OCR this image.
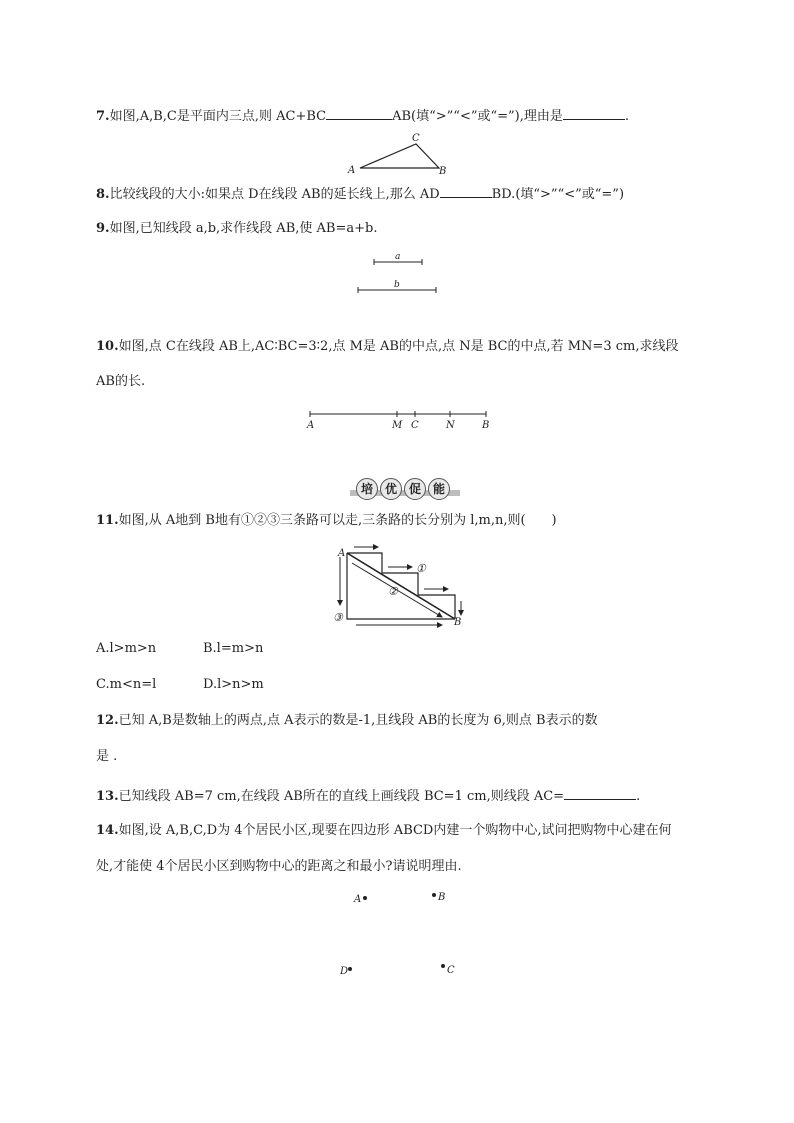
7.如图,A,B,C是平面内三点,则 AC+BC	AB(填“>”“<”或“=”),理由是	.
A
C
B
8.比较线段的大小:如果点 D在线段 AB的延长线上,那么 AD	BD.(填“>”“<”或“=”)
9.如图,已知线段 a,b,求作线段 AB,使 AB=a+b.
a
b
10.如图,点 C在线段 AB上,AC∶BC=3∶2,点 M是 AB的中点,点 N是 BC的中点,若 MN=3 cm,求线段
AB的长.
A	M C	N	B
培 优 促 能
11.如图,从 A地到 B地有①②③三条路可以走,三条路的长分别为 l,m,n,则(　　)
A
B
①
②
③
A.l>m>n	B.l=m>n
C.m<n=l	D.l>n>m
12.已知 A,B是数轴上的两点,点 A表示的数是-1,且线段 AB的长度为 6,则点 B表示的数
是 .
13.已知线段 AB=7 cm,在线段 AB所在的直线上画线段 BC=1 cm,则线段 AC=	.
14.如图,设 A,B,C,D为 4个居民小区,现要在四边形 ABCD内建一个购物中心,试问把购物中心建在何
处,才能使 4个居民小区到购物中心的距离之和最小?请说明理由.
A	B
C
D
